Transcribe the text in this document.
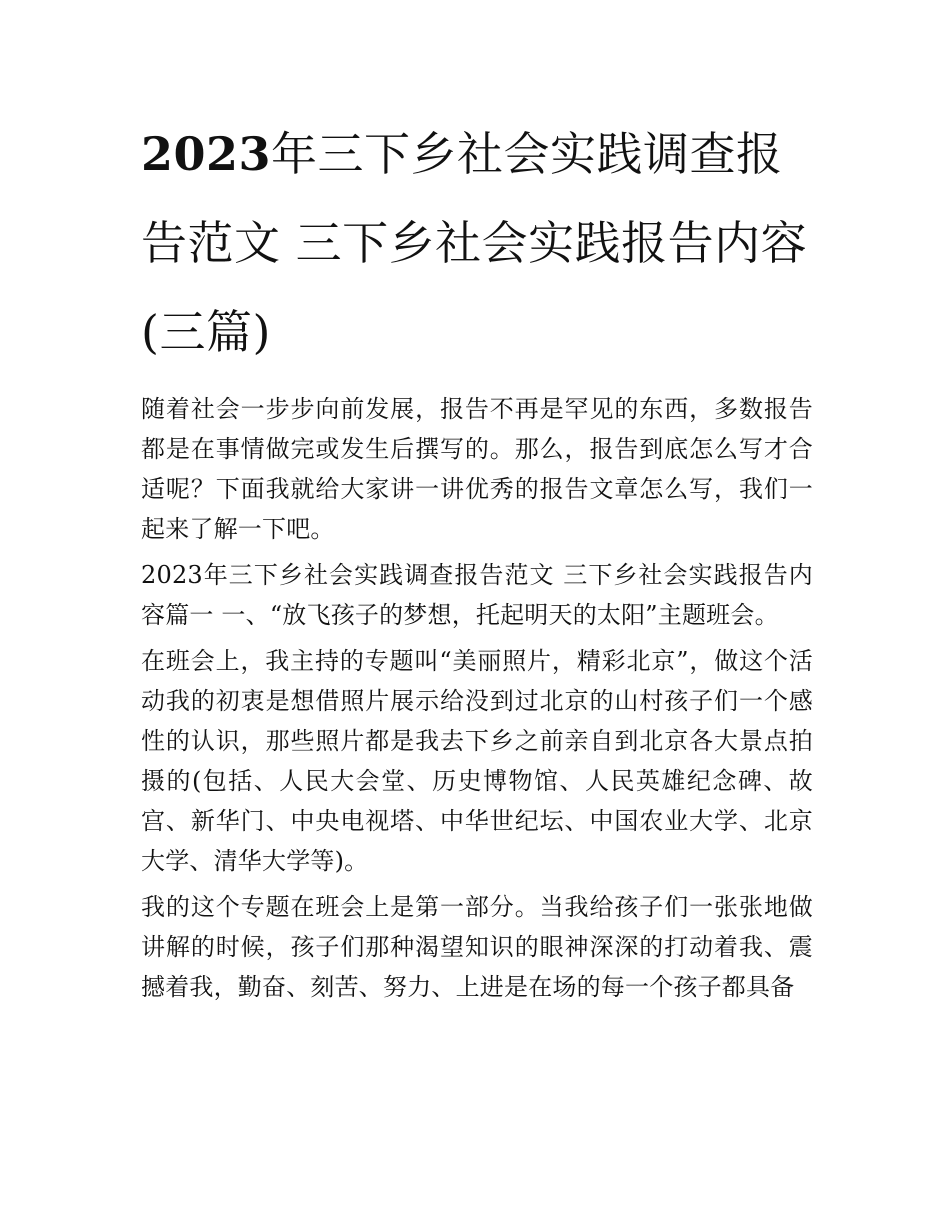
2023年三下乡社会实践调查报告范文 三下乡社会实践报告内容(三篇)

随着社会一步步向前发展，报告不再是罕见的东西，多数报告都是在事情做完或发生后撰写的。那么，报告到底怎么写才合适呢？下面我就给大家讲一讲优秀的报告文章怎么写，我们一起来了解一下吧。

2023年三下乡社会实践调查报告范文 三下乡社会实践报告内容篇一 一、“放飞孩子的梦想，托起明天的太阳”主题班会。

在班会上，我主持的专题叫“美丽照片，精彩北京”，做这个活动我的初衷是想借照片展示给没到过北京的山村孩子们一个感性的认识，那些照片都是我去下乡之前亲自到北京各大景点拍摄的(包括、人民大会堂、历史博物馆、人民英雄纪念碑、故宫、新华门、中央电视塔、中华世纪坛、中国农业大学、北京大学、清华大学等)。

我的这个专题在班会上是第一部分。当我给孩子们一张张地做讲解的时候，孩子们那种渴望知识的眼神深深的打动着我、震撼着我，勤奋、刻苦、努力、上进是在场的每一个孩子都具备
